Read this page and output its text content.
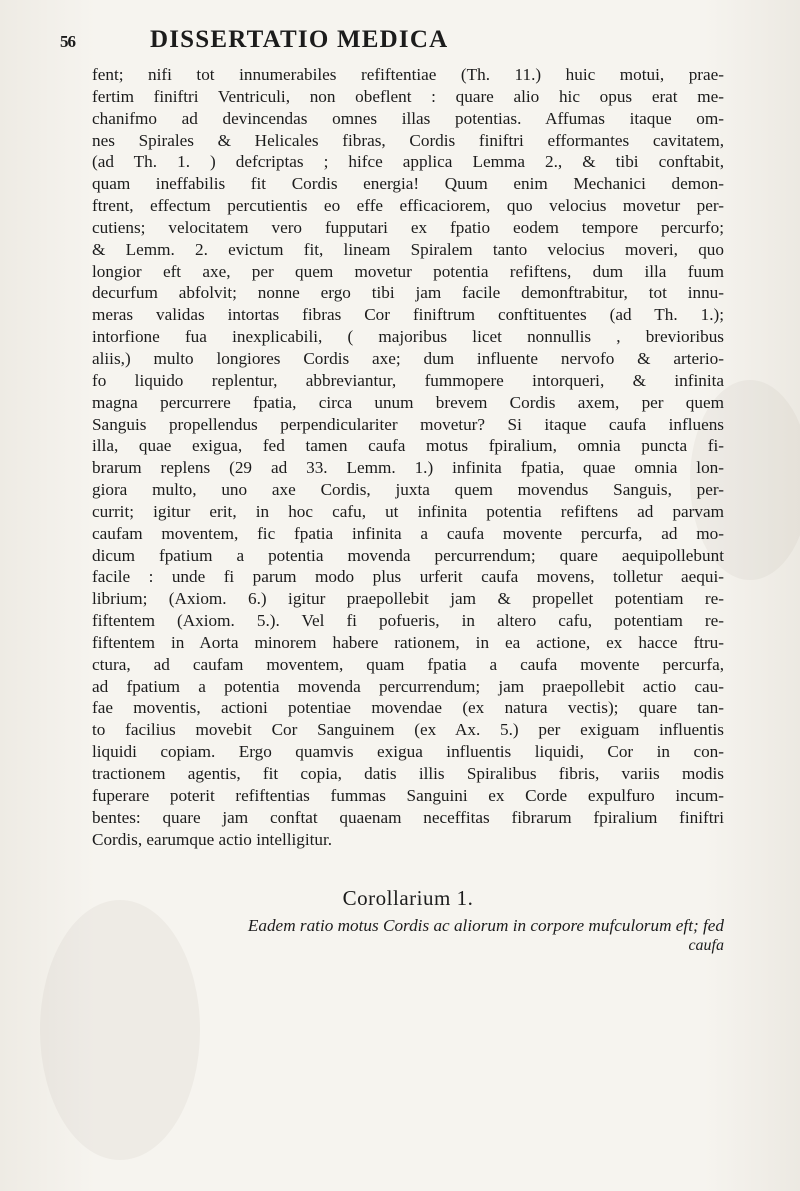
56	DISSERTATIO MEDICA
fent; nifi tot innumerabiles refiftentiae (Th. 11.) huic motui, prae-
fertim finiftri Ventriculi, non obeflent : quare alio hic opus erat me-
chanifmo ad devincendas omnes illas potentias. Affumas itaque om-
nes Spirales & Helicales fibras, Cordis finiftri efformantes cavitatem,
(ad Th. 1. ) defcriptas ; hifce applica Lemma 2., & tibi conftabit,
quam ineffabilis fit Cordis energia! Quum enim Mechanici demon-
ftrent, effectum percutientis eo effe efficaciorem, quo velocius movetur per-
cutiens; velocitatem vero fupputari ex fpatio eodem tempore percurfo;
& Lemm. 2. evictum fit, lineam Spiralem tanto velocius moveri, quo
longior eft axe, per quem movetur potentia refiftens, dum illa fuum
decurfum abfolvit; nonne ergo tibi jam facile demonftrabitur, tot innu-
meras validas intortas fibras Cor finiftrum conftituentes (ad Th. 1.);
intorfione fua inexplicabili, ( majoribus licet nonnullis , brevioribus
aliis,) multo longiores Cordis axe; dum influente nervofo & arterio-
fo liquido replentur, abbreviantur, fummopere intorqueri, & infinita
magna percurrere fpatia, circa unum brevem Cordis axem, per quem
Sanguis propellendus perpendiculariter movetur? Si itaque caufa influens
illa, quae exigua, fed tamen caufa motus fpiralium, omnia puncta fi-
brarum replens (29 ad 33. Lemm. 1.) infinita fpatia, quae omnia lon-
giora multo, uno axe Cordis, juxta quem movendus Sanguis, per-
currit; igitur erit, in hoc cafu, ut infinita potentia refiftens ad parvam
caufam moventem, fic fpatia infinita a caufa movente percurfa, ad mo-
dicum fpatium a potentia movenda percurrendum; quare aequipollebunt
facile : unde fi parum modo plus urferit caufa movens, tolletur aequi-
librium; (Axiom. 6.) igitur praepollebit jam & propellet potentiam re-
fiftentem (Axiom. 5.). Vel fi pofueris, in altero cafu, potentiam re-
fiftentem in Aorta minorem habere rationem, in ea actione, ex hacce ftru-
ctura, ad caufam moventem, quam fpatia a caufa movente percurfa,
ad fpatium a potentia movenda percurrendum; jam praepollebit actio cau-
fae moventis, actioni potentiae movendae (ex natura vectis); quare tan-
to facilius movebit Cor Sanguinem (ex Ax. 5.) per exiguam influentis
liquidi copiam. Ergo quamvis exigua influentis liquidi, Cor in con-
tractionem agentis, fit copia, datis illis Spiralibus fibris, variis modis
fuperare poterit refiftentias fummas Sanguini ex Corde expulfuro incum-
bentes: quare jam conftat quaenam neceffitas fibrarum fpiralium finiftri
Cordis, earumque actio intelligitur.
Corollarium 1.
Eadem ratio motus Cordis ac aliorum in corpore mufculorum eft; fed
caufa
